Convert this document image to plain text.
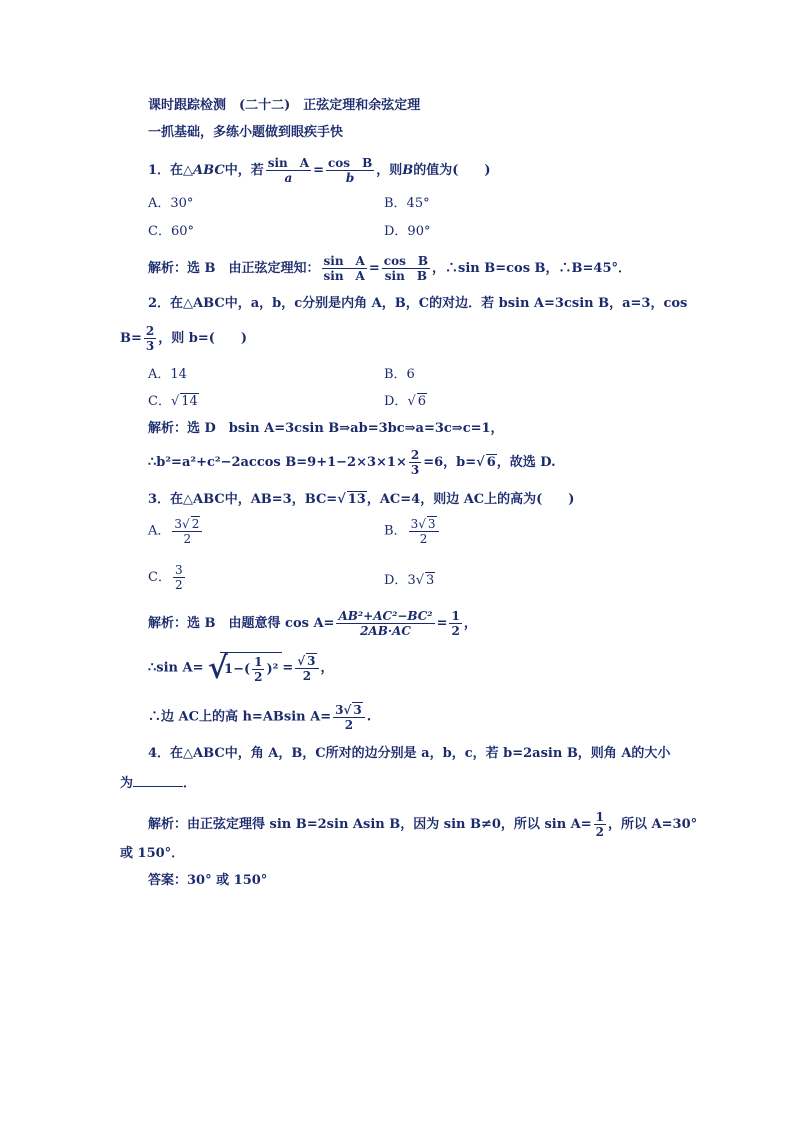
课时跟踪检测　(二十二)　正弦定理和余弦定理
一抓基础，多练小题做到眼疾手快
1．在△ABC中，若 $\frac{\text{sin　A}}{a} = \frac{\text{cos　B}}{b}$ ，则B的值为(　　)
A．30°	B．45°
C．60°	D．90°
解析：选 B　由正弦定理知： $\frac{\text{sin　A}}{\text{sin　A}} = \frac{\text{cos　B}}{\text{sin　B}}$ ，∴sin B=cos B，∴B=45°．
2．在△ABC中，a，b，c分别是内角 A，B，C的对边．若 bsin A=3csin B，a=3，cos
$B= \frac{2}{3}$ ，则 b=(　　)
A．14	B．6
C． √ 14	D． √ 6
解析：选 D　bsin A=3csin B⇒ab=3bc⇒a=3c⇒c=1，
∴b²=a²+c²−2accos $B=9+1-2\times 3\times 1\times \frac{2}{3} =6$，b= √ 6，故选 D.
3．在△ABC中，AB=3，BC= √ 13，AC=4，则边 AC上的高为(　　)
A． $\frac{3 √ 2}{2}$	B． $\frac{3 √ 3}{2}$
C． $\frac{3}{2}$	D．3 √ 3
解析：选 B　由题意得 $\cos A= \frac{\text{AB²+AC²−BC²}}{2AB\cdot AC} = \frac{1}{2}$ ，
∴sin A= √
$1-( \frac{1}{2} )^2$ = √ $\frac{3}{2}$ ，
∴边 AC上的高 h=ABsin $A= \frac{3 √ 3}{2}$ .
4．在△ABC中，角 A，B，C所对的边分别是 a，b，c，若 b=2asin B，则角 A的大小
为	．
解析：由正弦定理得 sin B=2sin Asin B，因为 sin B≠0，所以 $\sin A= \frac{1}{2}$ ，所以 A=30°
或 150°．
答案：30° 或 150°
